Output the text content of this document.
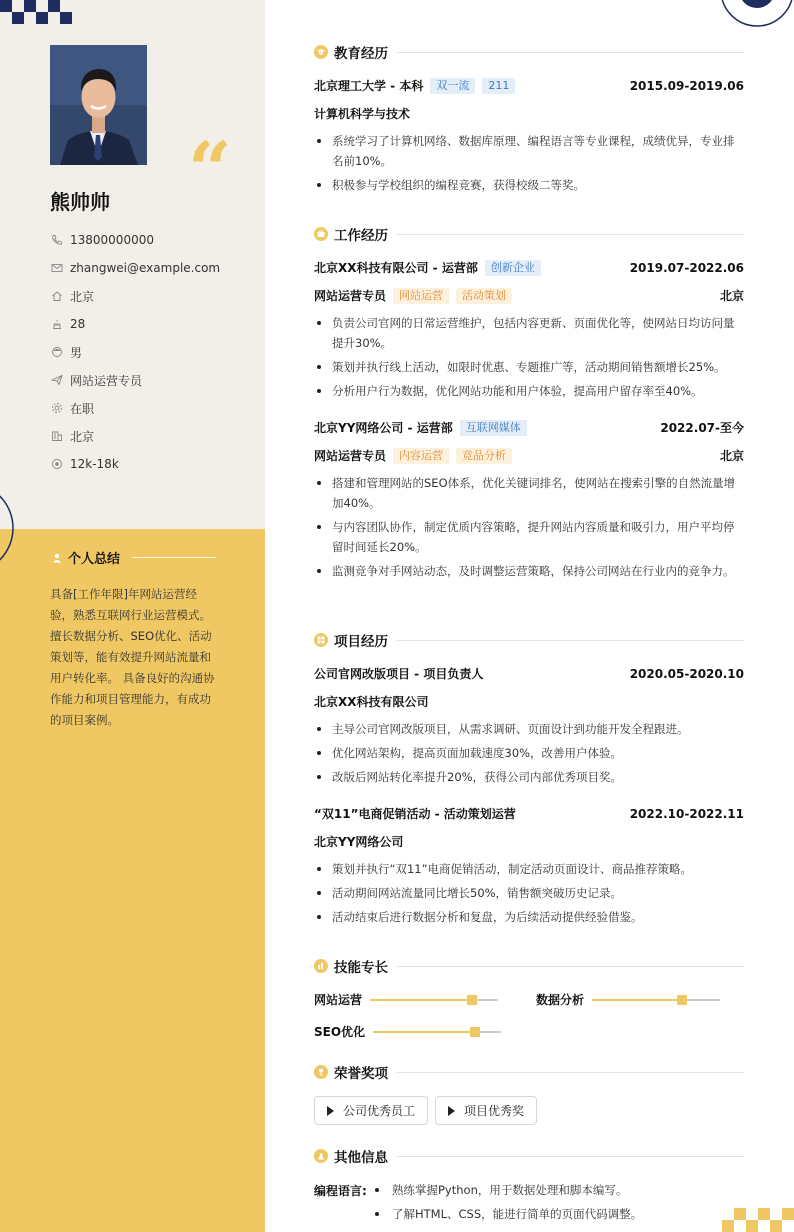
“
熊帅帅
13800000000
zhangwei@example.com
北京
28
男
网站运营专员
在职
北京
12k-18k
个人总结
具备[工作年限]年网站运营经验，熟悉互联网行业运营模式。 擅长数据分析、SEO优化、活动策划等，能有效提升网站流量和用户转化率。 具备良好的沟通协作能力和项目管理能力，有成功的项目案例。
教育经历
北京理工大学 - 本科	双一流	211	2015.09-2019.06
计算机科学与技术
系统学习了计算机网络、数据库原理、编程语言等专业课程，成绩优异，专业排名前10%。
积极参与学校组织的编程竞赛，获得校级二等奖。
工作经历
北京XX科技有限公司 - 运营部	创新企业	2019.07-2022.06
网站运营专员	网站运营	活动策划	北京
负责公司官网的日常运营维护，包括内容更新、页面优化等，使网站日均访问量提升30%。
策划并执行线上活动，如限时优惠、专题推广等，活动期间销售额增长25%。
分析用户行为数据，优化网站功能和用户体验，提高用户留存率至40%。
北京YY网络公司 - 运营部	互联网媒体	2022.07-至今
网站运营专员	内容运营	竞品分析	北京
搭建和管理网站的SEO体系，优化关键词排名，使网站在搜索引擎的自然流量增加40%。
与内容团队协作，制定优质内容策略，提升网站内容质量和吸引力，用户平均停留时间延长20%。
监测竞争对手网站动态，及时调整运营策略，保持公司网站在行业内的竞争力。
项目经历
公司官网改版项目 - 项目负责人	2020.05-2020.10
北京XX科技有限公司
主导公司官网改版项目，从需求调研、页面设计到功能开发全程跟进。
优化网站架构，提高页面加载速度30%，改善用户体验。
改版后网站转化率提升20%，获得公司内部优秀项目奖。
“双11”电商促销活动 - 活动策划运营	2022.10-2022.11
北京YY网络公司
策划并执行“双11”电商促销活动，制定活动页面设计、商品推荐策略。
活动期间网站流量同比增长50%，销售额突破历史记录。
活动结束后进行数据分析和复盘，为后续活动提供经验借鉴。
技能专长
网站运营	数据分析
SEO优化
荣誉奖项
公司优秀员工	项目优秀奖
其他信息
编程语言:	熟练掌握Python，用于数据处理和脚本编写。
了解HTML、CSS，能进行简单的页面代码调整。
